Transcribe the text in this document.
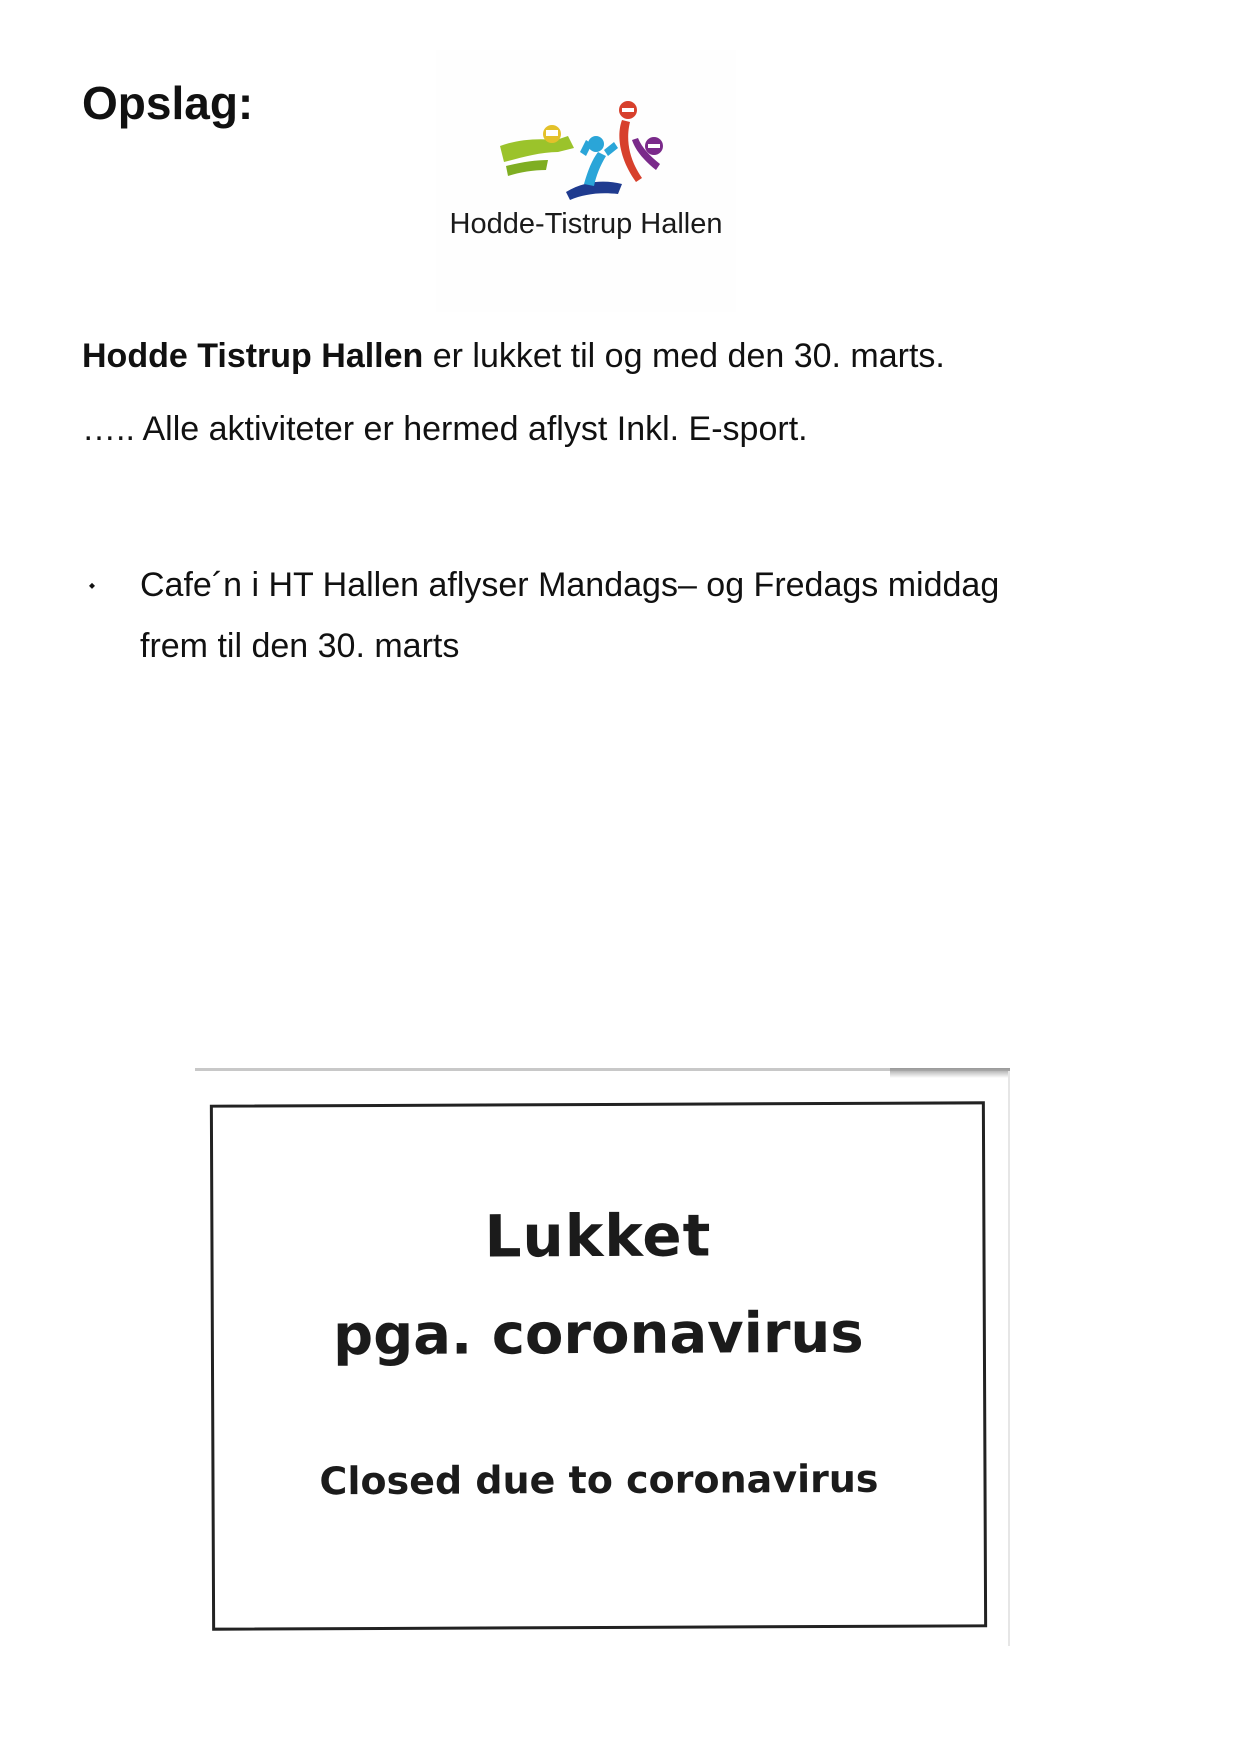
Opslag:
Hodde-Tistrup Hallen

Hodde Tistrup Hallen er lukket til og med den 30. marts.

….. Alle aktiviteter er hermed aflyst Inkl. E-sport.

⬩ Cafe´n i HT Hallen aflyser Mandags– og Fredags middag
frem til den 30. marts
Lukket
pga. coronavirus
Closed due to coronavirus
